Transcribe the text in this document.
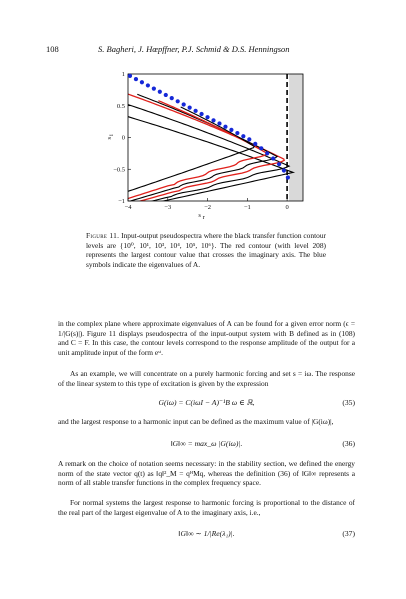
108	S. Bagheri, J. Hœpffner, P.J. Schmid & D.S. Henningson
−4	−3	−2	−1	0
−1
−0.5
0
0.5
1
s r
s
i
Figure 11. Input-output pseudospectra where the black transfer function contour levels are {10⁰, 10¹, 10³, 10⁴, 10⁵, 10⁶}. The red contour (with level 208) represents the largest contour value that crosses the imaginary axis. The blue symbols indicate the eigenvalues of A.
in the complex plane where approximate eigenvalues of A can be found for a given error norm (ϵ = 1/|G(s)|). Figure 11 displays pseudospectra of the input-output system with B defined as in (108) and C = F. In this case, the contour levels correspond to the response amplitude of the output for a unit amplitude input of the form eˢᵗ.
As an example, we will concentrate on a purely harmonic forcing and set s = iω. The response of the linear system to this type of excitation is given by the expression
G(iω) = C(iωI − A)⁻¹B ω ∈ ℝ,	(35)
and the largest response to a harmonic input can be defined as the maximum value of |G(iω)|,
‖G‖∞ = max_ω |G(iω)|.	(36)
A remark on the choice of notation seems necessary: in the stability section, we defined the energy norm of the state vector q(t) as ‖q‖²_M = qᴴMq, whereas the definition (36) of ‖G‖∞ represents a norm of all stable transfer functions in the complex frequency space.
For normal systems the largest response to harmonic forcing is proportional to the distance of the real part of the largest eigenvalue of A to the imaginary axis, i.e.,
‖G‖∞ ∼ 1/|Re(λ₁)|.	(37)
